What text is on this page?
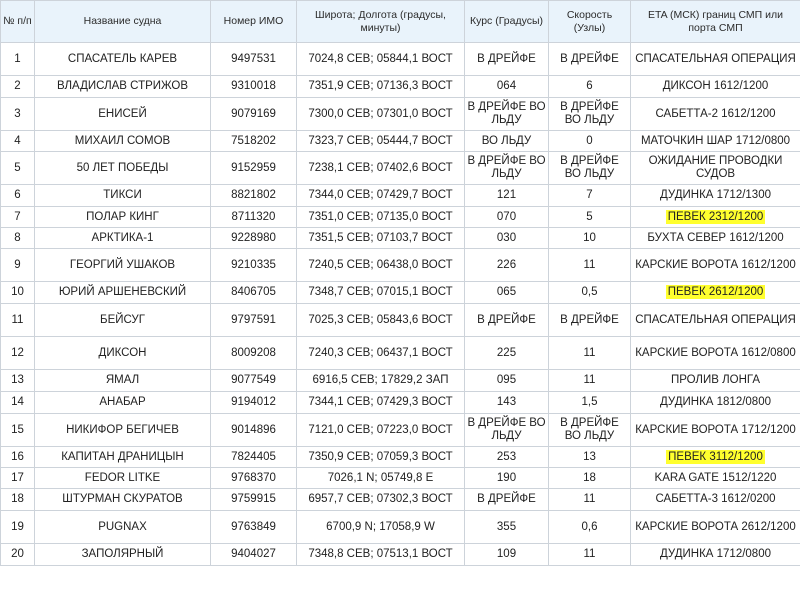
№ п/п	Название судна	Номер ИМО	Широта; Долгота (градусы, минуты)	Курс (Градусы)	Скорость (Узлы)	ETA (МСК) границ СМП или порта СМП
1	СПАСАТЕЛЬ КАРЕВ	9497531	7024,8 СЕВ; 05844,1 ВОСТ	В ДРЕЙФЕ	В ДРЕЙФЕ	СПАСАТЕЛЬНАЯ ОПЕРАЦИЯ
2	ВЛАДИСЛАВ СТРИЖОВ	9310018	7351,9 СЕВ; 07136,3 ВОСТ	064	6	ДИКСОН 1612/1200
3	ЕНИСЕЙ	9079169	7300,0 СЕВ; 07301,0 ВОСТ	В ДРЕЙФЕ ВО ЛЬДУ	В ДРЕЙФЕ ВО ЛЬДУ	САБЕТТА-2 1612/1200
4	МИХАИЛ СОМОВ	7518202	7323,7 СЕВ; 05444,7 ВОСТ	ВО ЛЬДУ	0	МАТОЧКИН ШАР 1712/0800
5	50 ЛЕТ ПОБЕДЫ	9152959	7238,1 СЕВ; 07402,6 ВОСТ	В ДРЕЙФЕ ВО ЛЬДУ	В ДРЕЙФЕ ВО ЛЬДУ	ОЖИДАНИЕ ПРОВОДКИ СУДОВ
6	ТИКСИ	8821802	7344,0 СЕВ; 07429,7 ВОСТ	121	7	ДУДИНКА 1712/1300
7	ПОЛАР КИНГ	8711320	7351,0 СЕВ; 07135,0 ВОСТ	070	5	ПЕВЕК 2312/1200
8	АРКТИКА-1	9228980	7351,5 СЕВ; 07103,7 ВОСТ	030	10	БУХТА СЕВЕР 1612/1200
9	ГЕОРГИЙ УШАКОВ	9210335	7240,5 СЕВ; 06438,0 ВОСТ	226	11	КАРСКИЕ ВОРОТА 1612/1200
10	ЮРИЙ АРШЕНЕВСКИЙ	8406705	7348,7 СЕВ; 07015,1 ВОСТ	065	0,5	ПЕВЕК 2612/1200
11	БЕЙСУГ	9797591	7025,3 СЕВ; 05843,6 ВОСТ	В ДРЕЙФЕ	В ДРЕЙФЕ	СПАСАТЕЛЬНАЯ ОПЕРАЦИЯ
12	ДИКСОН	8009208	7240,3 СЕВ; 06437,1 ВОСТ	225	11	КАРСКИЕ ВОРОТА 1612/0800
13	ЯМАЛ	9077549	6916,5 СЕВ; 17829,2 ЗАП	095	11	ПРОЛИВ ЛОНГА
14	АНАБАР	9194012	7344,1 СЕВ; 07429,3 ВОСТ	143	1,5	ДУДИНКА 1812/0800
15	НИКИФОР БЕГИЧЕВ	9014896	7121,0 СЕВ; 07223,0 ВОСТ	В ДРЕЙФЕ ВО ЛЬДУ	В ДРЕЙФЕ ВО ЛЬДУ	КАРСКИЕ ВОРОТА 1712/1200
16	КАПИТАН ДРАНИЦЫН	7824405	7350,9 СЕВ; 07059,3 ВОСТ	253	13	ПЕВЕК 3112/1200
17	FEDOR LITKE	9768370	7026,1 N; 05749,8 E	190	18	KARA GATE 1512/1220
18	ШТУРМАН СКУРАТОВ	9759915	6957,7 СЕВ; 07302,3 ВОСТ	В ДРЕЙФЕ	11	САБЕТТА-3 1612/0200
19	PUGNAX	9763849	6700,9 N; 17058,9 W	355	0,6	КАРСКИЕ ВОРОТА 2612/1200
20	ЗАПОЛЯРНЫЙ	9404027	7348,8 СЕВ; 07513,1 ВОСТ	109	11	ДУДИНКА 1712/0800
